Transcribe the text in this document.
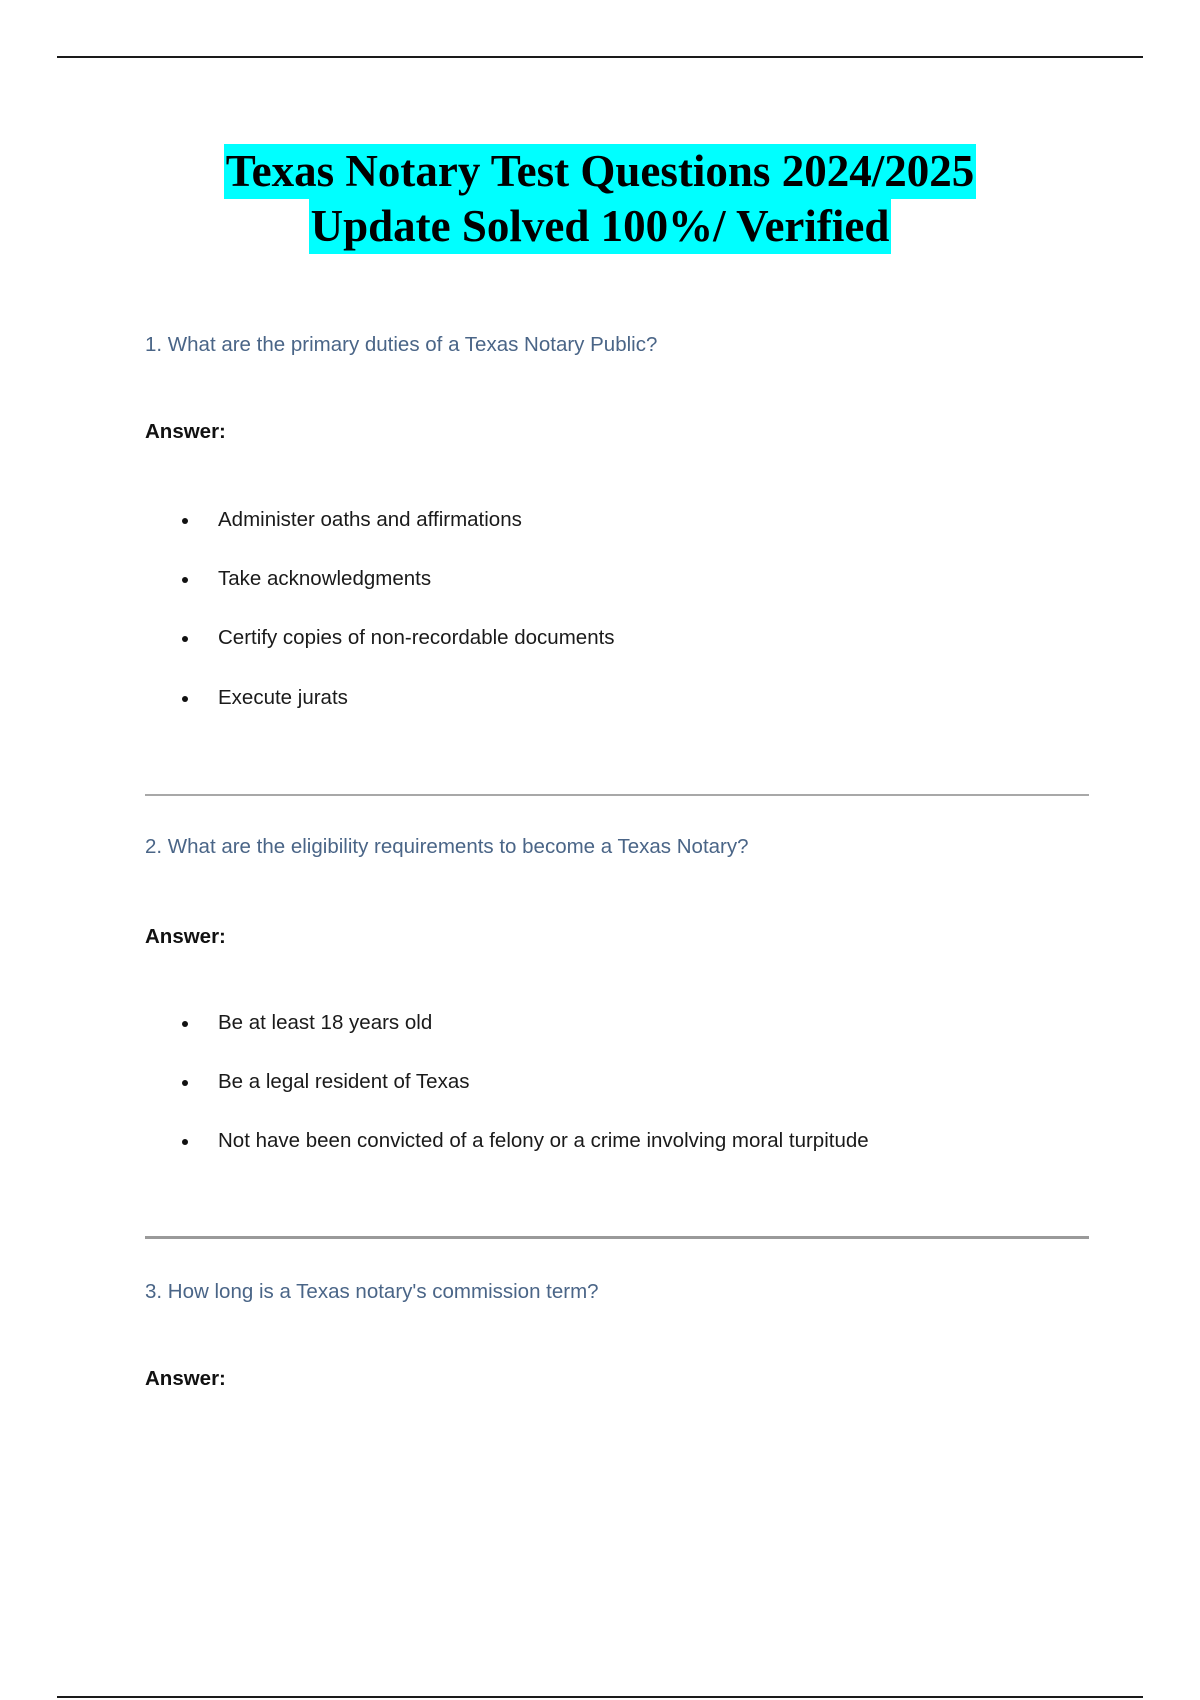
Texas Notary Test Questions 2024/2025
Update Solved 100%/ Verified
1. What are the primary duties of a Texas Notary Public?
Answer:
Administer oaths and affirmations
Take acknowledgments
Certify copies of non-recordable documents
Execute jurats
2. What are the eligibility requirements to become a Texas Notary?
Answer:
Be at least 18 years old
Be a legal resident of Texas
Not have been convicted of a felony or a crime involving moral turpitude
3. How long is a Texas notary's commission term?
Answer:
